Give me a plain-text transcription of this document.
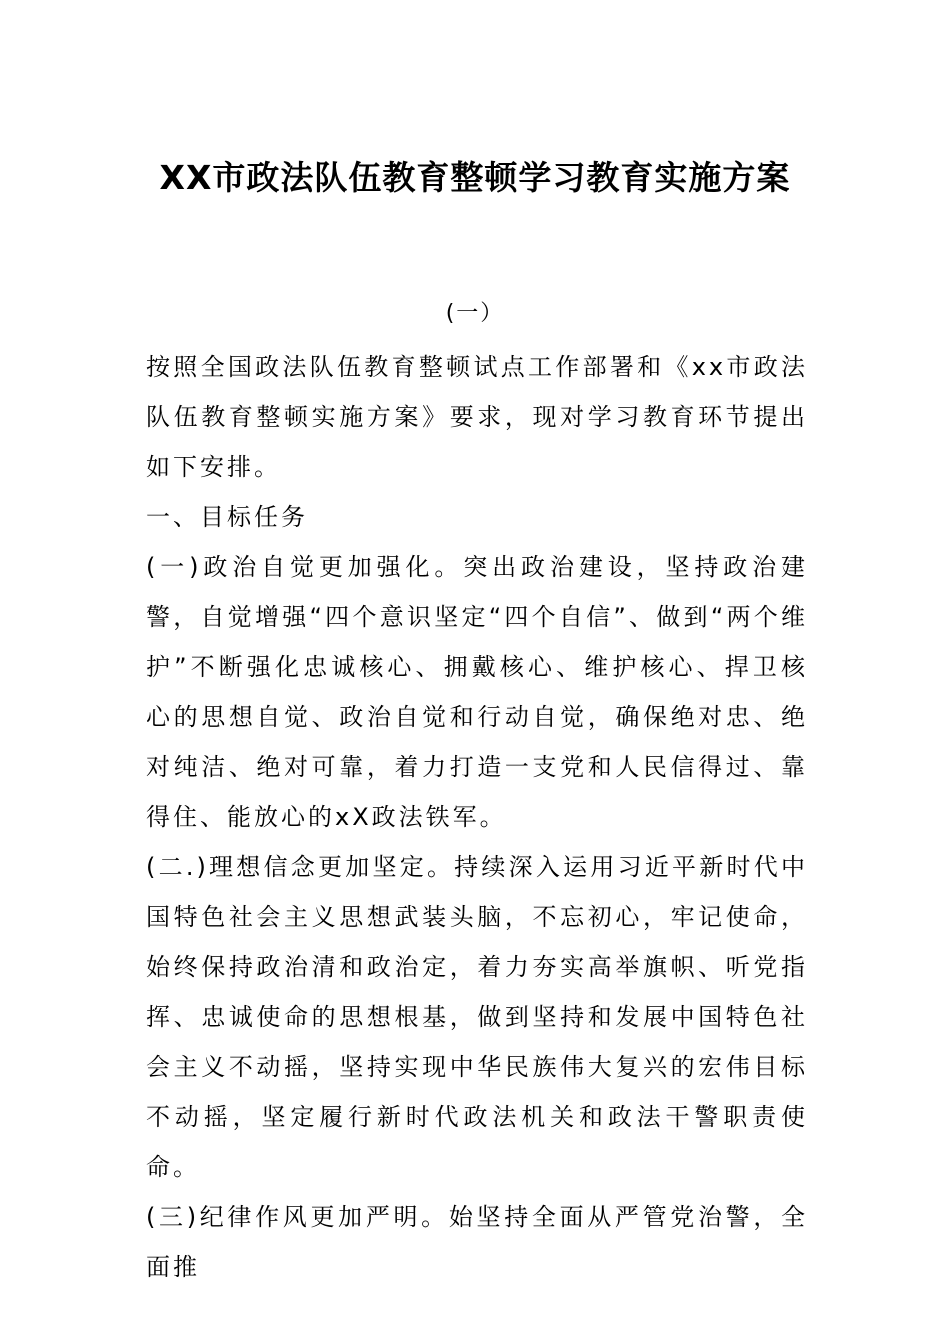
XX市政法队伍教育整顿学习教育实施方案
(一）

按照全国政法队伍教育整顿试点工作部署和《xx市政法队伍教育整顿实施方案》要求，现对学习教育环节提出如下安排。

一、目标任务

(一)政治自觉更加强化。突出政治建设，坚持政治建警，自觉增强“四个意识坚定“四个自信”、做到“两个维护”不断强化忠诚核心、拥戴核心、维护核心、捍卫核心的思想自觉、政治自觉和行动自觉，确保绝对忠、绝对纯洁、绝对可靠，着力打造一支党和人民信得过、靠得住、能放心的xX政法铁军。

(二.)理想信念更加坚定。持续深入运用习近平新时代中国特色社会主义思想武装头脑，不忘初心，牢记使命，始终保持政治清和政治定，着力夯实高举旗帜、听党指挥、忠诚使命的思想根基，做到坚持和发展中国特色社会主义不动摇，坚持实现中华民族伟大复兴的宏伟目标不动摇，坚定履行新时代政法机关和政法干警职责使命。

(三)纪律作风更加严明。始坚持全面从严管党治警，全面推
